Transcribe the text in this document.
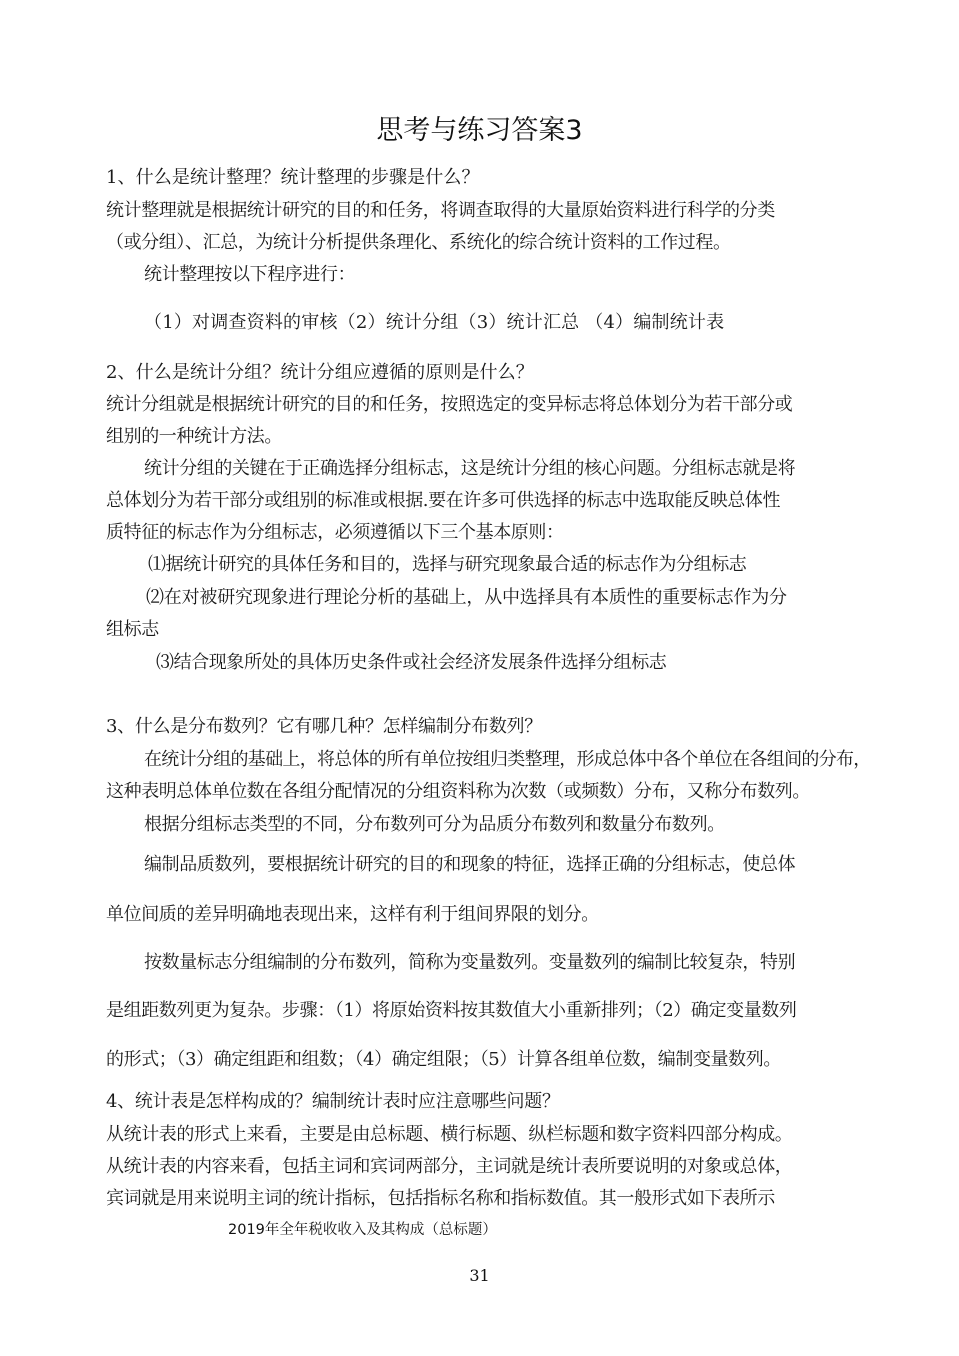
思考与练习答案3
1、什么是统计整理？统计整理的步骤是什么？
统计整理就是根据统计研究的目的和任务，将调查取得的大量原始资料进行科学的分类
（或分组）、汇总，为统计分析提供条理化、系统化的综合统计资料的工作过程。
统计整理按以下程序进行：
（1）对调查资料的审核（2）统计分组（3）统计汇总 （4）编制统计表
2、什么是统计分组？统计分组应遵循的原则是什么？
统计分组就是根据统计研究的目的和任务，按照选定的变异标志将总体划分为若干部分或
组别的一种统计方法。
统计分组的关键在于正确选择分组标志，这是统计分组的核心问题。分组标志就是将
总体划分为若干部分或组别的标准或根据.要在许多可供选择的标志中选取能反映总体性
质特征的标志作为分组标志，必须遵循以下三个基本原则：
⑴据统计研究的具体任务和目的，选择与研究现象最合适的标志作为分组标志
⑵在对被研究现象进行理论分析的基础上，从中选择具有本质性的重要标志作为分
组标志
⑶结合现象所处的具体历史条件或社会经济发展条件选择分组标志
3、什么是分布数列？它有哪几种？怎样编制分布数列？
在统计分组的基础上，将总体的所有单位按组归类整理，形成总体中各个单位在各组间的分布，
这种表明总体单位数在各组分配情况的分组资料称为次数（或频数）分布，又称分布数列。
根据分组标志类型的不同，分布数列可分为品质分布数列和数量分布数列。
编制品质数列，要根据统计研究的目的和现象的特征，选择正确的分组标志，使总体
单位间质的差异明确地表现出来，这样有利于组间界限的划分。
按数量标志分组编制的分布数列，简称为变量数列。变量数列的编制比较复杂，特别
是组距数列更为复杂。步骤：（1）将原始资料按其数值大小重新排列；（2）确定变量数列
的形式；（3）确定组距和组数；（4）确定组限；（5）计算各组单位数，编制变量数列。
4、统计表是怎样构成的？编制统计表时应注意哪些问题？
从统计表的形式上来看，主要是由总标题、横行标题、纵栏标题和数字资料四部分构成。
从统计表的内容来看，包括主词和宾词两部分，主词就是统计表所要说明的对象或总体，
宾词就是用来说明主词的统计指标，包括指标名称和指标数值。其一般形式如下表所示
2019年全年税收收入及其构成（总标题）
31
